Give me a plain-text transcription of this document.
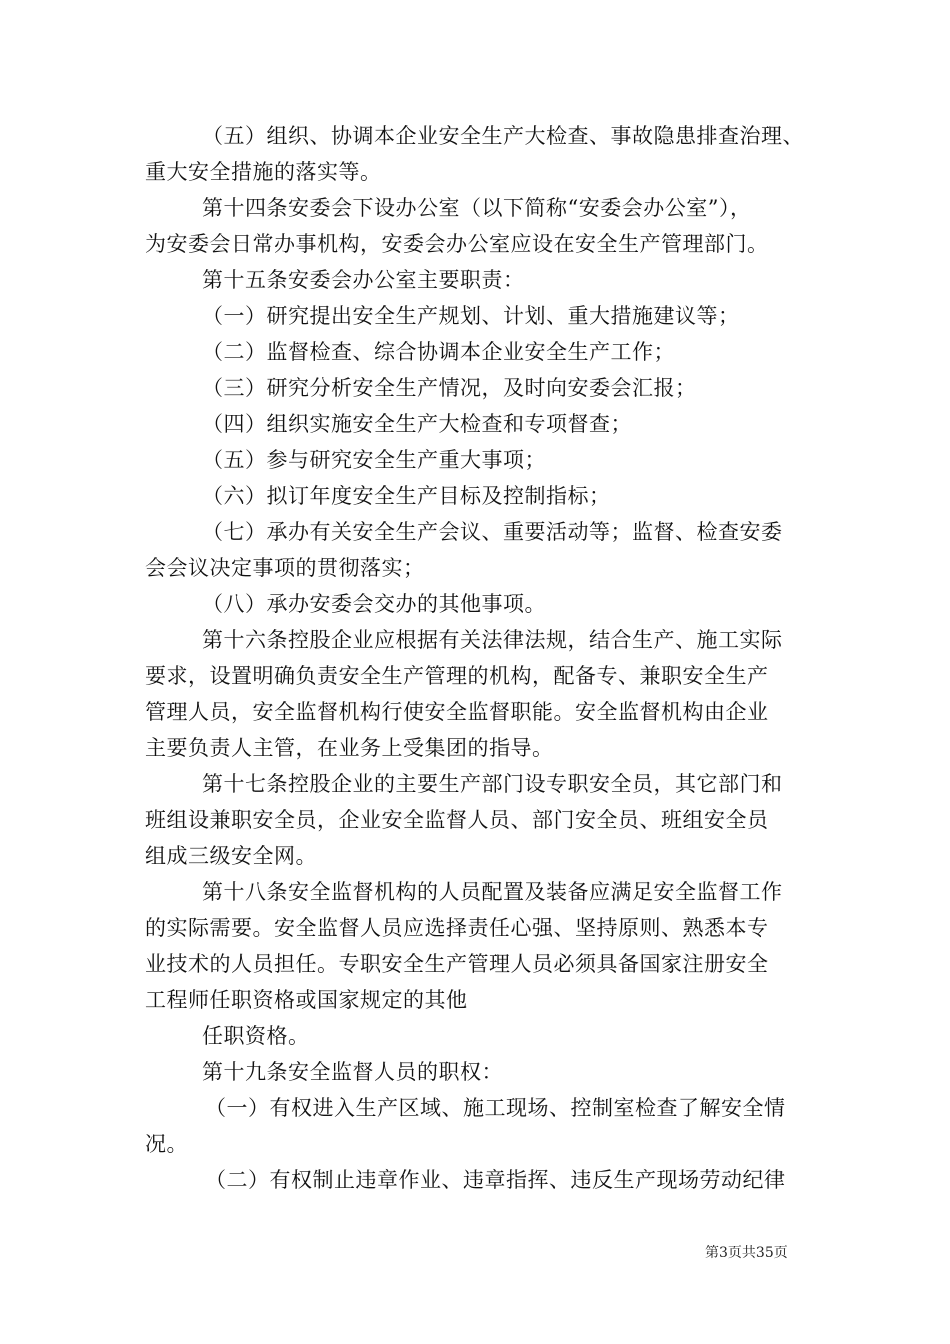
（五）组织、协调本企业安全生产大检查、事故隐患排查治理、

重大安全措施的落实等。

第十四条安委会下设办公室（以下简称“安委会办公室”），

为安委会日常办事机构，安委会办公室应设在安全生产管理部门。

第十五条安委会办公室主要职责：

（一）研究提出安全生产规划、计划、重大措施建议等；

（二）监督检查、综合协调本企业安全生产工作；

（三）研究分析安全生产情况，及时向安委会汇报；

（四）组织实施安全生产大检查和专项督查；

（五）参与研究安全生产重大事项；

（六）拟订年度安全生产目标及控制指标；

（七）承办有关安全生产会议、重要活动等；监督、检查安委

会会议决定事项的贯彻落实；

（八）承办安委会交办的其他事项。

第十六条控股企业应根据有关法律法规，结合生产、施工实际

要求，设置明确负责安全生产管理的机构，配备专、兼职安全生产

管理人员，安全监督机构行使安全监督职能。安全监督机构由企业

主要负责人主管，在业务上受集团的指导。

第十七条控股企业的主要生产部门设专职安全员，其它部门和

班组设兼职安全员，企业安全监督人员、部门安全员、班组安全员

组成三级安全网。

第十八条安全监督机构的人员配置及装备应满足安全监督工作

的实际需要。安全监督人员应选择责任心强、坚持原则、熟悉本专

业技术的人员担任。专职安全生产管理人员必须具备国家注册安全

工程师任职资格或国家规定的其他

任职资格。

第十九条安全监督人员的职权：

（一）有权进入生产区域、施工现场、控制室检查了解安全情

况。

（二）有权制止违章作业、违章指挥、违反生产现场劳动纪律

第3页共35页
